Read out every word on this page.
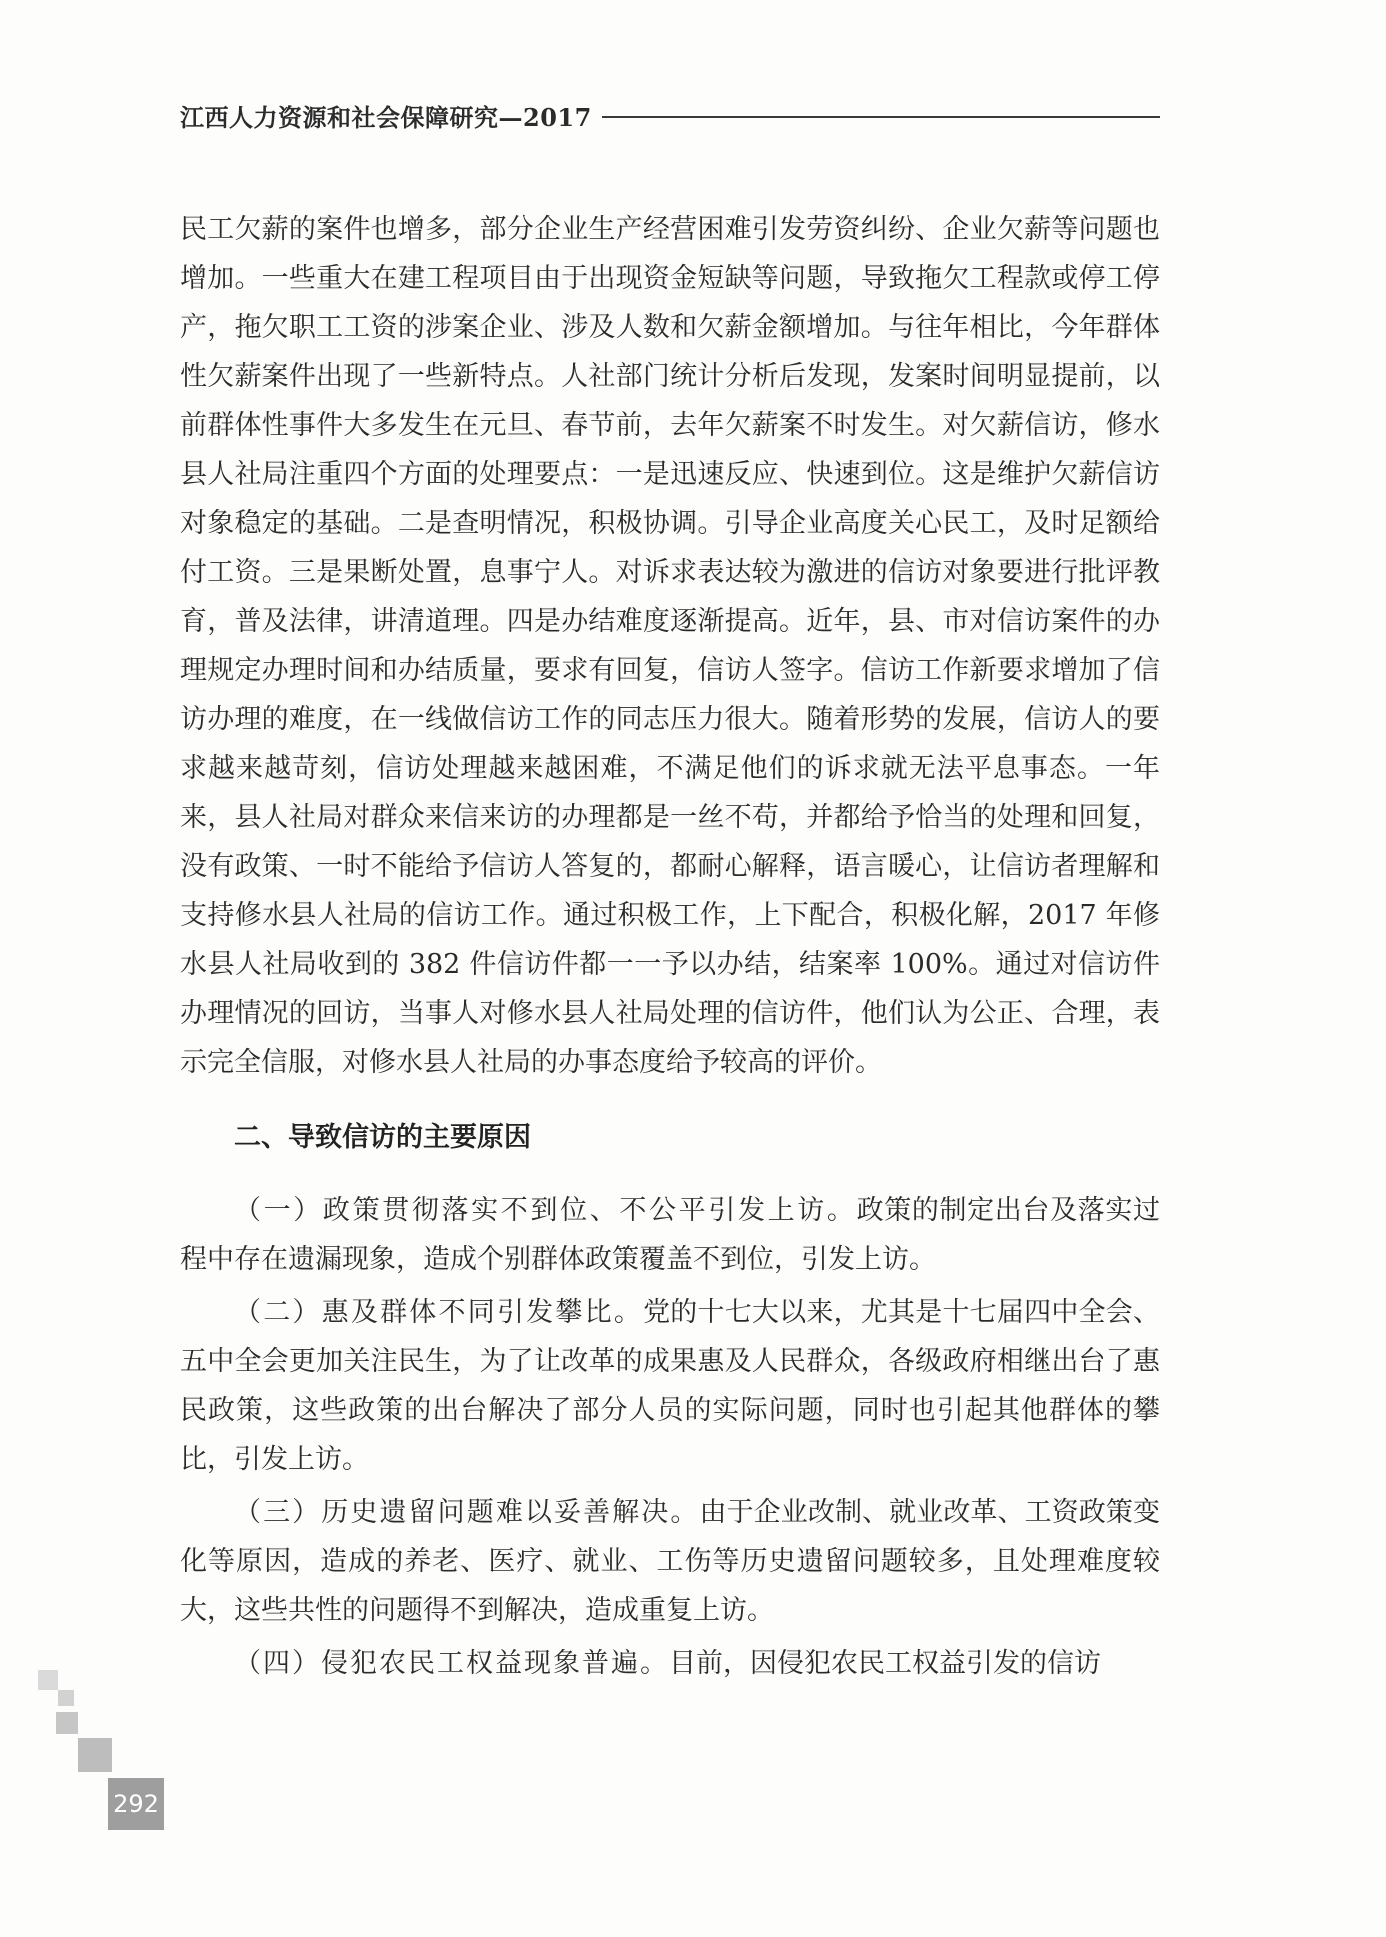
江西人力资源和社会保障研究—2017

民工欠薪的案件也增多，部分企业生产经营困难引发劳资纠纷、企业欠薪等问题也增加。一些重大在建工程项目由于出现资金短缺等问题，导致拖欠工程款或停工停产，拖欠职工工资的涉案企业、涉及人数和欠薪金额增加。与往年相比，今年群体性欠薪案件出现了一些新特点。人社部门统计分析后发现，发案时间明显提前，以前群体性事件大多发生在元旦、春节前，去年欠薪案不时发生。对欠薪信访，修水县人社局注重四个方面的处理要点：一是迅速反应、快速到位。这是维护欠薪信访对象稳定的基础。二是查明情况，积极协调。引导企业高度关心民工，及时足额给付工资。三是果断处置，息事宁人。对诉求表达较为激进的信访对象要进行批评教育，普及法律，讲清道理。四是办结难度逐渐提高。近年，县、市对信访案件的办理规定办理时间和办结质量，要求有回复，信访人签字。信访工作新要求增加了信访办理的难度，在一线做信访工作的同志压力很大。随着形势的发展，信访人的要求越来越苛刻，信访处理越来越困难，不满足他们的诉求就无法平息事态。一年来，县人社局对群众来信来访的办理都是一丝不苟，并都给予恰当的处理和回复，没有政策、一时不能给予信访人答复的，都耐心解释，语言暖心，让信访者理解和支持修水县人社局的信访工作。通过积极工作，上下配合，积极化解，2017 年修水县人社局收到的 382 件信访件都一一予以办结，结案率 100%。通过对信访件办理情况的回访，当事人对修水县人社局处理的信访件，他们认为公正、合理，表示完全信服，对修水县人社局的办事态度给予较高的评价。

二、导致信访的主要原因

（一）政策贯彻落实不到位、不公平引发上访。政策的制定出台及落实过程中存在遗漏现象，造成个别群体政策覆盖不到位，引发上访。

（二）惠及群体不同引发攀比。党的十七大以来，尤其是十七届四中全会、五中全会更加关注民生，为了让改革的成果惠及人民群众，各级政府相继出台了惠民政策，这些政策的出台解决了部分人员的实际问题，同时也引起其他群体的攀比，引发上访。

（三）历史遗留问题难以妥善解决。由于企业改制、就业改革、工资政策变化等原因，造成的养老、医疗、就业、工伤等历史遗留问题较多，且处理难度较大，这些共性的问题得不到解决，造成重复上访。

（四）侵犯农民工权益现象普遍。目前，因侵犯农民工权益引发的信访

292
